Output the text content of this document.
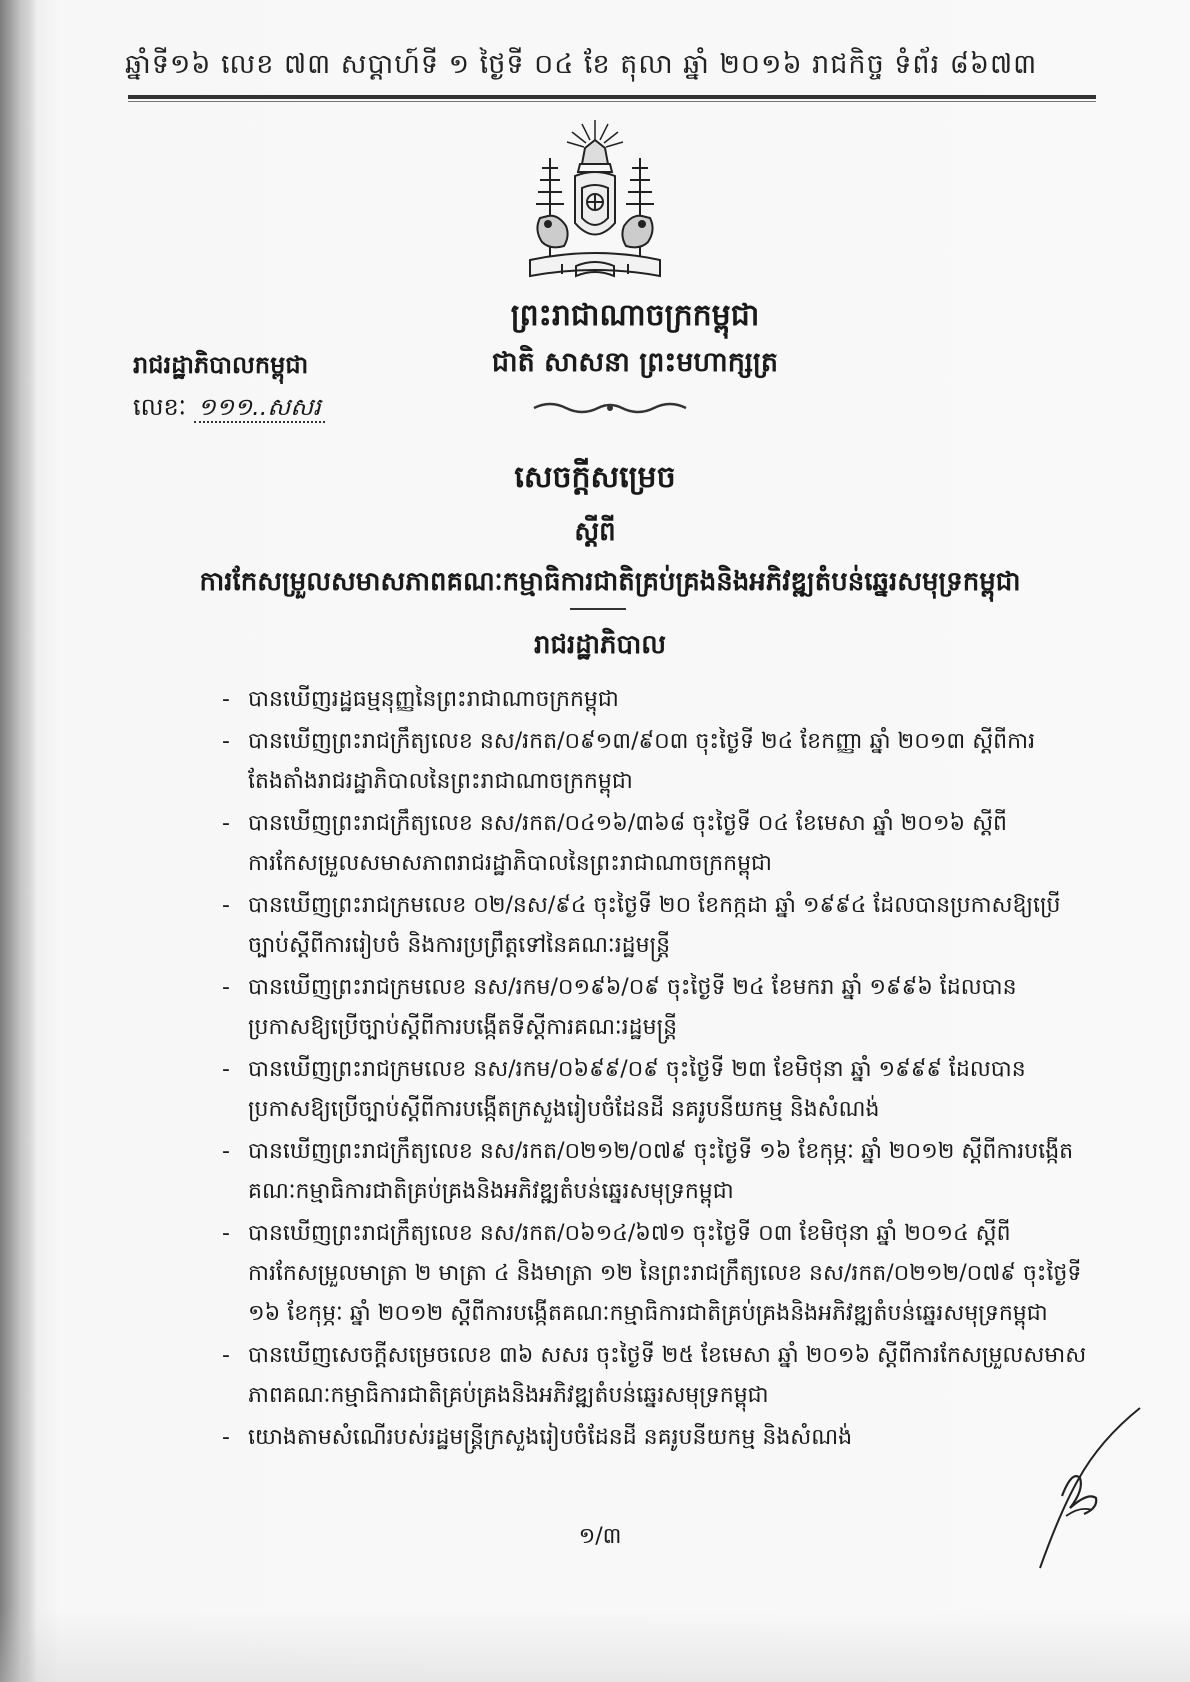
ឆ្នាំទី១៦ លេខ ៧៣ សប្តាហ៍ទី ១ ថ្ងៃទី ០៤ ខែ តុលា ឆ្នាំ ២០១៦ រាជកិច្ច ទំព័រ ៨៦៧៣
ព្រះរាជាណាចក្រកម្ពុជា
ជាតិ សាសនា ព្រះមហាក្សត្រ
រាជរដ្ឋាភិបាលកម្ពុជា
លេខៈ ១១១..សសរ
សេចក្តីសម្រេច
ស្តីពី
ការកែសម្រួលសមាសភាពគណៈកម្មាធិការជាតិគ្រប់គ្រងនិងអភិវឌ្ឍតំបន់ឆ្នេរសមុទ្រកម្ពុជា
រាជរដ្ឋាភិបាល
- បានឃើញរដ្ឋធម្មនុញ្ញនៃព្រះរាជាណាចក្រកម្ពុជា
- បានឃើញព្រះរាជក្រឹត្យលេខ នស/រកត/០៩១៣/៩០៣ ចុះថ្ងៃទី ២៤ ខែកញ្ញា ឆ្នាំ ២០១៣ ស្តីពីការតែងតាំងរាជរដ្ឋាភិបាលនៃព្រះរាជាណាចក្រកម្ពុជា
- បានឃើញព្រះរាជក្រឹត្យលេខ នស/រកត/០៤១៦/៣៦៨ ចុះថ្ងៃទី ០៤ ខែមេសា ឆ្នាំ ២០១៦ ស្តីពីការកែសម្រួលសមាសភាពរាជរដ្ឋាភិបាលនៃព្រះរាជាណាចក្រកម្ពុជា
- បានឃើញព្រះរាជក្រមលេខ ០២/នស/៩៤ ចុះថ្ងៃទី ២០ ខែកក្កដា ឆ្នាំ ១៩៩៤ ដែលបានប្រកាសឱ្យប្រើច្បាប់ស្តីពីការរៀបចំ និងការប្រព្រឹត្តទៅនៃគណៈរដ្ឋមន្ត្រី
- បានឃើញព្រះរាជក្រមលេខ នស/រកម/០១៩៦/០៩ ចុះថ្ងៃទី ២៤ ខែមករា ឆ្នាំ ១៩៩៦ ដែលបានប្រកាសឱ្យប្រើច្បាប់ស្តីពីការបង្កើតទីស្តីការគណៈរដ្ឋមន្ត្រី
- បានឃើញព្រះរាជក្រមលេខ នស/រកម/០៦៩៩/០៩ ចុះថ្ងៃទី ២៣ ខែមិថុនា ឆ្នាំ ១៩៩៩ ដែលបានប្រកាសឱ្យប្រើច្បាប់ស្តីពីការបង្កើតក្រសួងរៀបចំដែនដី នគរូបនីយកម្ម និងសំណង់
- បានឃើញព្រះរាជក្រឹត្យលេខ នស/រកត/០២១២/០៧៩ ចុះថ្ងៃទី ១៦ ខែកុម្ភៈ ឆ្នាំ ២០១២ ស្តីពីការបង្កើតគណៈកម្មាធិការជាតិគ្រប់គ្រងនិងអភិវឌ្ឍតំបន់ឆ្នេរសមុទ្រកម្ពុជា
- បានឃើញព្រះរាជក្រឹត្យលេខ នស/រកត/០៦១៤/៦៧១ ចុះថ្ងៃទី ០៣ ខែមិថុនា ឆ្នាំ ២០១៤ ស្តីពីការកែសម្រួលមាត្រា ២ មាត្រា ៤ និងមាត្រា ១២ នៃព្រះរាជក្រឹត្យលេខ នស/រកត/០២១២/០៧៩ ចុះថ្ងៃទី ១៦ ខែកុម្ភៈ ឆ្នាំ ២០១២ ស្តីពីការបង្កើតគណៈកម្មាធិការជាតិគ្រប់គ្រងនិងអភិវឌ្ឍតំបន់ឆ្នេរសមុទ្រកម្ពុជា
- បានឃើញសេចក្តីសម្រេចលេខ ៣៦ សសរ ចុះថ្ងៃទី ២៥ ខែមេសា ឆ្នាំ ២០១៦ ស្តីពីការកែសម្រួលសមាសភាពគណៈកម្មាធិការជាតិគ្រប់គ្រងនិងអភិវឌ្ឍតំបន់ឆ្នេរសមុទ្រកម្ពុជា
- យោងតាមសំណើរបស់រដ្ឋមន្ត្រីក្រសួងរៀបចំដែនដី នគរូបនីយកម្ម និងសំណង់
១/៣
